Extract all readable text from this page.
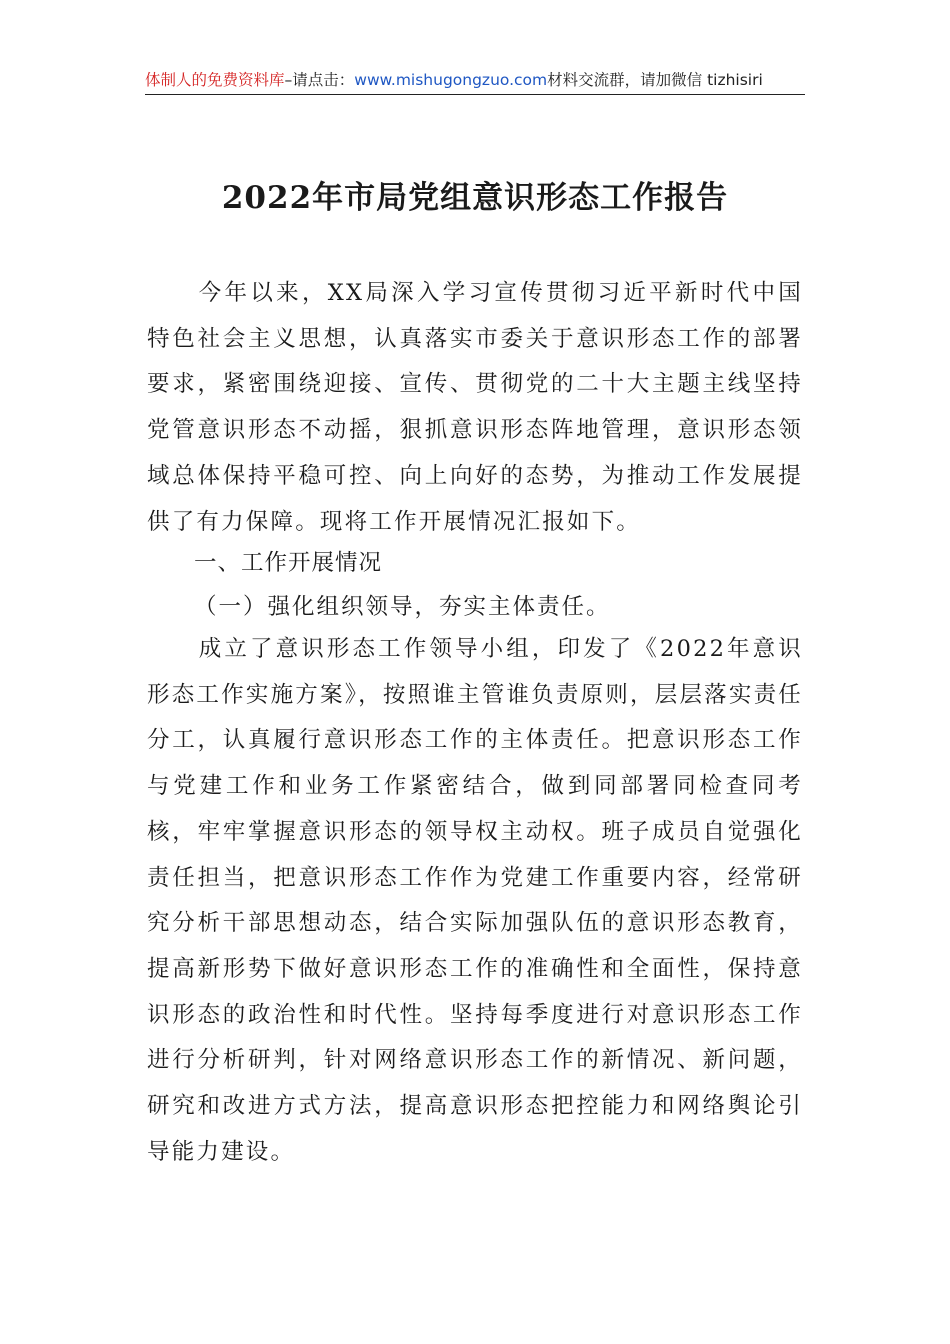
体制人的免费资料库–请点击：www.mishugongzuo.com材料交流群，请加微信 tizhisiri
2022年市局党组意识形态工作报告

今年以来，XX局深入学习宣传贯彻习近平新时代中国特色社会主义思想，认真落实市委关于意识形态工作的部署要求，紧密围绕迎接、宣传、贯彻党的二十大主题主线坚持党管意识形态不动摇，狠抓意识形态阵地管理，意识形态领域总体保持平稳可控、向上向好的态势，为推动工作发展提供了有力保障。现将工作开展情况汇报如下。

一、工作开展情况
（一）强化组织领导，夯实主体责任。

成立了意识形态工作领导小组，印发了《2022年意识形态工作实施方案》，按照谁主管谁负责原则，层层落实责任分工，认真履行意识形态工作的主体责任。把意识形态工作与党建工作和业务工作紧密结合，做到同部署同检查同考核，牢牢掌握意识形态的领导权主动权。班子成员自觉强化责任担当，把意识形态工作作为党建工作重要内容，经常研究分析干部思想动态，结合实际加强队伍的意识形态教育，提高新形势下做好意识形态工作的准确性和全面性，保持意识形态的政治性和时代性。坚持每季度进行对意识形态工作进行分析研判，针对网络意识形态工作的新情况、新问题，研究和改进方式方法，提高意识形态把控能力和网络舆论引导能力建设。
